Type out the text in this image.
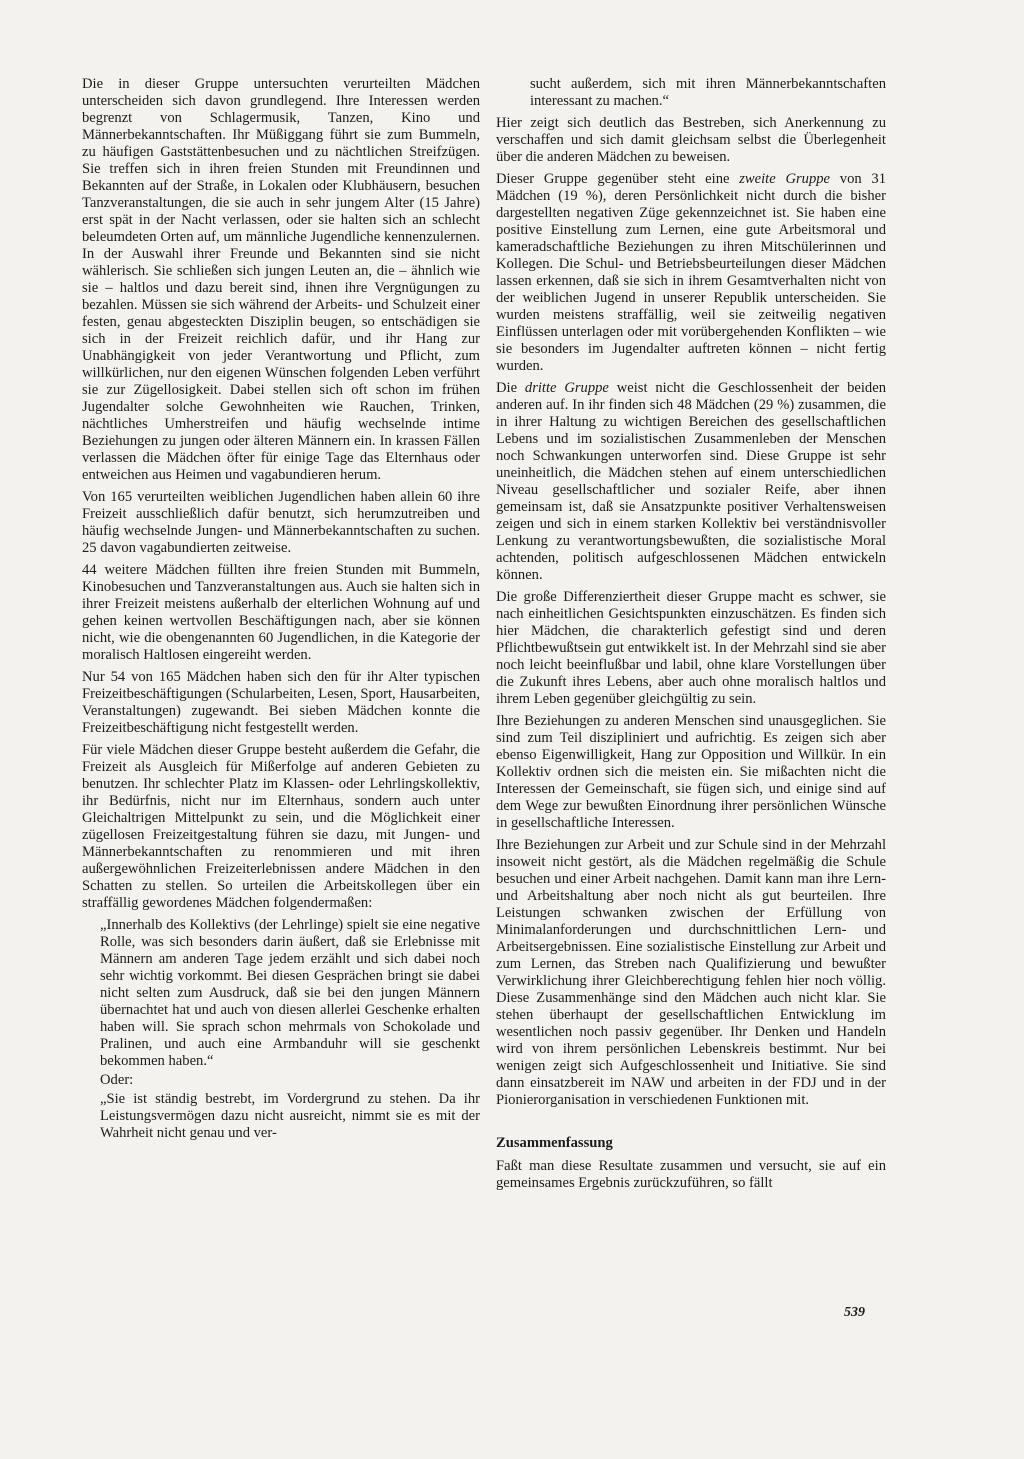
Die in dieser Gruppe untersuchten verurteilten Mädchen unterscheiden sich davon grundlegend. Ihre Interessen werden begrenzt von Schlagermusik, Tanzen, Kino und Männerbekanntschaften. Ihr Müßiggang führt sie zum Bummeln, zu häufigen Gaststättenbesuchen und zu nächtlichen Streifzügen. Sie treffen sich in ihren freien Stunden mit Freundinnen und Bekannten auf der Straße, in Lokalen oder Klubhäusern, besuchen Tanzveranstaltungen, die sie auch in sehr jungem Alter (15 Jahre) erst spät in der Nacht verlassen, oder sie halten sich an schlecht beleumdeten Orten auf, um männliche Jugendliche kennenzulernen. In der Auswahl ihrer Freunde und Bekannten sind sie nicht wählerisch. Sie schließen sich jungen Leuten an, die – ähnlich wie sie – haltlos und dazu bereit sind, ihnen ihre Vergnügungen zu bezahlen. Müssen sie sich während der Arbeits- und Schulzeit einer festen, genau abgesteckten Disziplin beugen, so entschädigen sie sich in der Freizeit reichlich dafür, und ihr Hang zur Unabhängigkeit von jeder Verantwortung und Pflicht, zum willkürlichen, nur den eigenen Wünschen folgenden Leben verführt sie zur Zügellosigkeit. Dabei stellen sich oft schon im frühen Jugendalter solche Gewohnheiten wie Rauchen, Trinken, nächtliches Umherstreifen und häufig wechselnde intime Beziehungen zu jungen oder älteren Männern ein. In krassen Fällen verlassen die Mädchen öfter für einige Tage das Elternhaus oder entweichen aus Heimen und vagabundieren herum.

Von 165 verurteilten weiblichen Jugendlichen haben allein 60 ihre Freizeit ausschließlich dafür benutzt, sich herumzutreiben und häufig wechselnde Jungen- und Männerbekanntschaften zu suchen. 25 davon vagabundierten zeitweise.

44 weitere Mädchen füllten ihre freien Stunden mit Bummeln, Kinobesuchen und Tanzveranstaltungen aus. Auch sie halten sich in ihrer Freizeit meistens außerhalb der elterlichen Wohnung auf und gehen keinen wertvollen Beschäftigungen nach, aber sie können nicht, wie die obengenannten 60 Jugendlichen, in die Kategorie der moralisch Haltlosen eingereiht werden.

Nur 54 von 165 Mädchen haben sich den für ihr Alter typischen Freizeitbeschäftigungen (Schularbeiten, Lesen, Sport, Hausarbeiten, Veranstaltungen) zugewandt. Bei sieben Mädchen konnte die Freizeitbeschäftigung nicht festgestellt werden.

Für viele Mädchen dieser Gruppe besteht außerdem die Gefahr, die Freizeit als Ausgleich für Mißerfolge auf anderen Gebieten zu benutzen. Ihr schlechter Platz im Klassen- oder Lehrlingskollektiv, ihr Bedürfnis, nicht nur im Elternhaus, sondern auch unter Gleichaltrigen Mittelpunkt zu sein, und die Möglichkeit einer zügellosen Freizeitgestaltung führen sie dazu, mit Jungen- und Männerbekanntschaften zu renommieren und mit ihren außergewöhnlichen Freizeiterlebnissen andere Mädchen in den Schatten zu stellen. So urteilen die Arbeitskollegen über ein straffällig gewordenes Mädchen folgendermaßen:

„Innerhalb des Kollektivs (der Lehrlinge) spielt sie eine negative Rolle, was sich besonders darin äußert, daß sie Erlebnisse mit Männern am anderen Tage jedem erzählt und sich dabei noch sehr wichtig vorkommt. Bei diesen Gesprächen bringt sie dabei nicht selten zum Ausdruck, daß sie bei den jungen Männern übernachtet hat und auch von diesen allerlei Geschenke erhalten haben will. Sie sprach schon mehrmals von Schokolade und Pralinen, und auch eine Armbanduhr will sie geschenkt bekommen haben.“

Oder:

„Sie ist ständig bestrebt, im Vordergrund zu stehen. Da ihr Leistungsvermögen dazu nicht ausreicht, nimmt sie es mit der Wahrheit nicht genau und ver-

sucht außerdem, sich mit ihren Männerbekanntschaften interessant zu machen.“

Hier zeigt sich deutlich das Bestreben, sich Anerkennung zu verschaffen und sich damit gleichsam selbst die Überlegenheit über die anderen Mädchen zu beweisen.

Dieser Gruppe gegenüber steht eine zweite Gruppe von 31 Mädchen (19 %), deren Persönlichkeit nicht durch die bisher dargestellten negativen Züge gekennzeichnet ist. Sie haben eine positive Einstellung zum Lernen, eine gute Arbeitsmoral und kameradschaftliche Beziehungen zu ihren Mitschülerinnen und Kollegen. Die Schul- und Betriebsbeurteilungen dieser Mädchen lassen erkennen, daß sie sich in ihrem Gesamtverhalten nicht von der weiblichen Jugend in unserer Republik unterscheiden. Sie wurden meistens straffällig, weil sie zeitweilig negativen Einflüssen unterlagen oder mit vorübergehenden Konflikten – wie sie besonders im Jugendalter auftreten können – nicht fertig wurden.

Die dritte Gruppe weist nicht die Geschlossenheit der beiden anderen auf. In ihr finden sich 48 Mädchen (29 %) zusammen, die in ihrer Haltung zu wichtigen Bereichen des gesellschaftlichen Lebens und im sozialistischen Zusammenleben der Menschen noch Schwankungen unterworfen sind. Diese Gruppe ist sehr uneinheitlich, die Mädchen stehen auf einem unterschiedlichen Niveau gesellschaftlicher und sozialer Reife, aber ihnen gemeinsam ist, daß sie Ansatzpunkte positiver Verhaltensweisen zeigen und sich in einem starken Kollektiv bei verständnisvoller Lenkung zu verantwortungsbewußten, die sozialistische Moral achtenden, politisch aufgeschlossenen Mädchen entwickeln können.

Die große Differenziertheit dieser Gruppe macht es schwer, sie nach einheitlichen Gesichtspunkten einzuschätzen. Es finden sich hier Mädchen, die charakterlich gefestigt sind und deren Pflichtbewußtsein gut entwikkelt ist. In der Mehrzahl sind sie aber noch leicht beeinflußbar und labil, ohne klare Vorstellungen über die Zukunft ihres Lebens, aber auch ohne moralisch haltlos und ihrem Leben gegenüber gleichgültig zu sein.

Ihre Beziehungen zu anderen Menschen sind unausgeglichen. Sie sind zum Teil diszipliniert und aufrichtig. Es zeigen sich aber ebenso Eigenwilligkeit, Hang zur Opposition und Willkür. In ein Kollektiv ordnen sich die meisten ein. Sie mißachten nicht die Interessen der Gemeinschaft, sie fügen sich, und einige sind auf dem Wege zur bewußten Einordnung ihrer persönlichen Wünsche in gesellschaftliche Interessen.

Ihre Beziehungen zur Arbeit und zur Schule sind in der Mehrzahl insoweit nicht gestört, als die Mädchen regelmäßig die Schule besuchen und einer Arbeit nachgehen. Damit kann man ihre Lern- und Arbeitshaltung aber noch nicht als gut beurteilen. Ihre Leistungen schwanken zwischen der Erfüllung von Minimalanforderungen und durchschnittlichen Lern- und Arbeitsergebnissen. Eine sozialistische Einstellung zur Arbeit und zum Lernen, das Streben nach Qualifizierung und bewußter Verwirklichung ihrer Gleichberechtigung fehlen hier noch völlig. Diese Zusammenhänge sind den Mädchen auch nicht klar. Sie stehen überhaupt der gesellschaftlichen Entwicklung im wesentlichen noch passiv gegenüber. Ihr Denken und Handeln wird von ihrem persönlichen Lebenskreis bestimmt. Nur bei wenigen zeigt sich Aufgeschlossenheit und Initiative. Sie sind dann einsatzbereit im NAW und arbeiten in der FDJ und in der Pionierorganisation in verschiedenen Funktionen mit.

Zusammenfassung

Faßt man diese Resultate zusammen und versucht, sie auf ein gemeinsames Ergebnis zurückzuführen, so fällt

539
